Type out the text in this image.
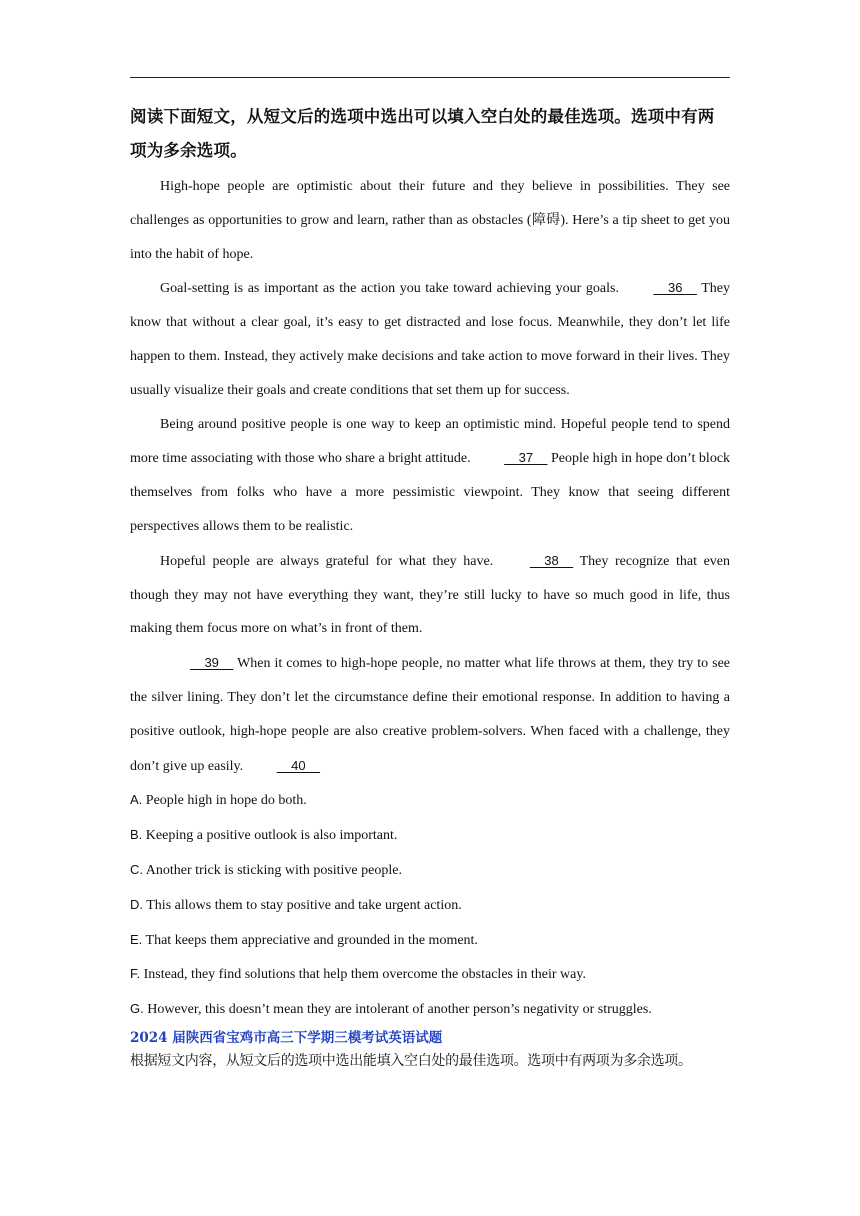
阅读下面短文，从短文后的选项中选出可以填入空白处的最佳选项。选项中有两项为多余选项。

High-hope people are optimistic about their future and they believe in possibilities. They see challenges as opportunities to grow and learn, rather than as obstacles (障碍). Here’s a tip sheet to get you into the habit of hope.

Goal-setting is as important as the action you take toward achieving your goals.	36     They know that without a clear goal, it’s easy to get distracted and lose focus. Meanwhile, they don’t let life happen to them. Instead, they actively make decisions and take action to move forward in their lives. They usually visualize their goals and create conditions that set them up for success.

Being around positive people is one way to keep an optimistic mind. Hopeful people tend to spend more time associating with those who share a bright attitude.	37     People high in hope don’t block themselves from folks who have a more pessimistic viewpoint. They know that seeing different perspectives allows them to be realistic.

Hopeful people are always grateful for what they have.	38     They recognize that even though they may not have everything they want, they’re still lucky to have so much good in life, thus making them focus more on what’s in front of them.

39     When it comes to high-hope people, no matter what life throws at them, they try to see the silver lining. They don’t let the circumstance define their emotional response. In addition to having a positive outlook, high-hope people are also creative problem-solvers. When faced with a challenge, they don’t give up easily.	40

A. People high in hope do both.
B. Keeping a positive outlook is also important.
C. Another trick is sticking with positive people.
D. This allows them to stay positive and take urgent action.
E. That keeps them appreciative and grounded in the moment.
F. Instead, they find solutions that help them overcome the obstacles in their way.
G. However, this doesn’t mean they are intolerant of another person’s negativity or struggles.

2024 届陕西省宝鸡市高三下学期三模考试英语试题

根据短文内容，从短文后的选项中选出能填入空白处的最佳选项。选项中有两项为多余选项。
